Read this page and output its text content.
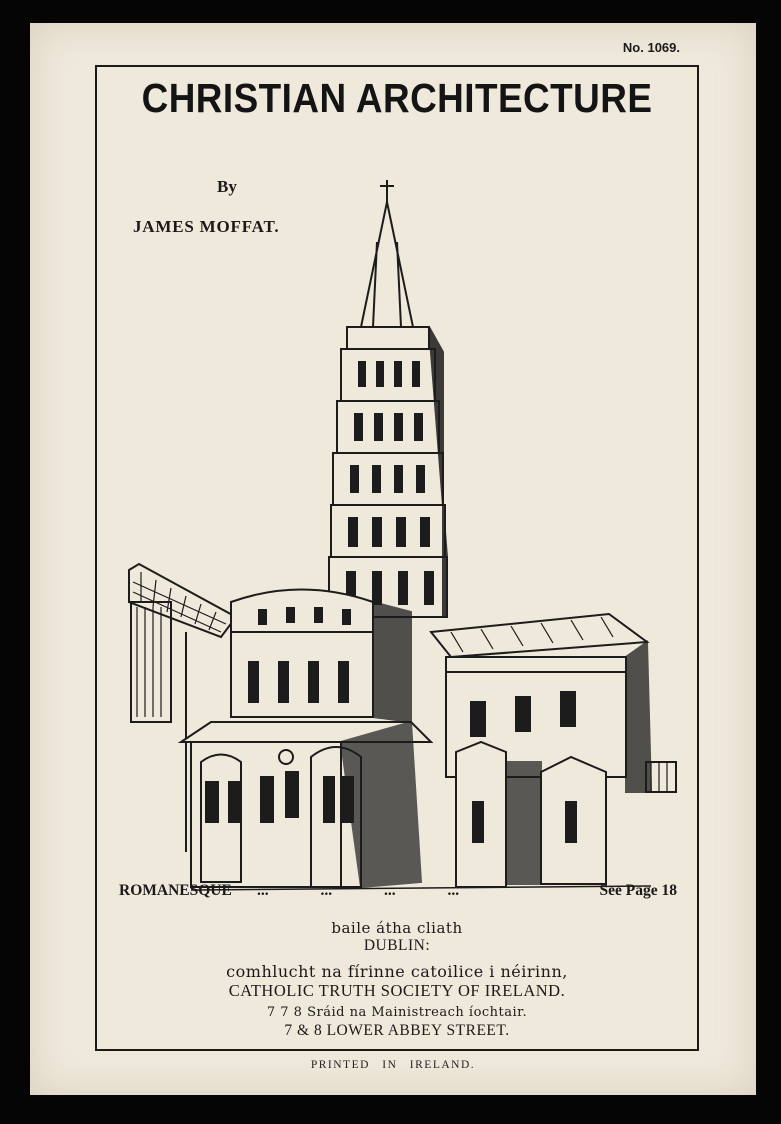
No. 1069.
CHRISTIAN ARCHITECTURE
By
JAMES MOFFAT.
ROMANESQUE ... ... ... ...	See Page 18
baile átha cliath
DUBLIN:
comhlucht na fírinne catoilice i néirinn,
CATHOLIC TRUTH SOCIETY OF IRELAND.
7 7 8 Sráid na Mainistreach íochtair.
7 & 8 LOWER ABBEY STREET.
PRINTED IN IRELAND.
